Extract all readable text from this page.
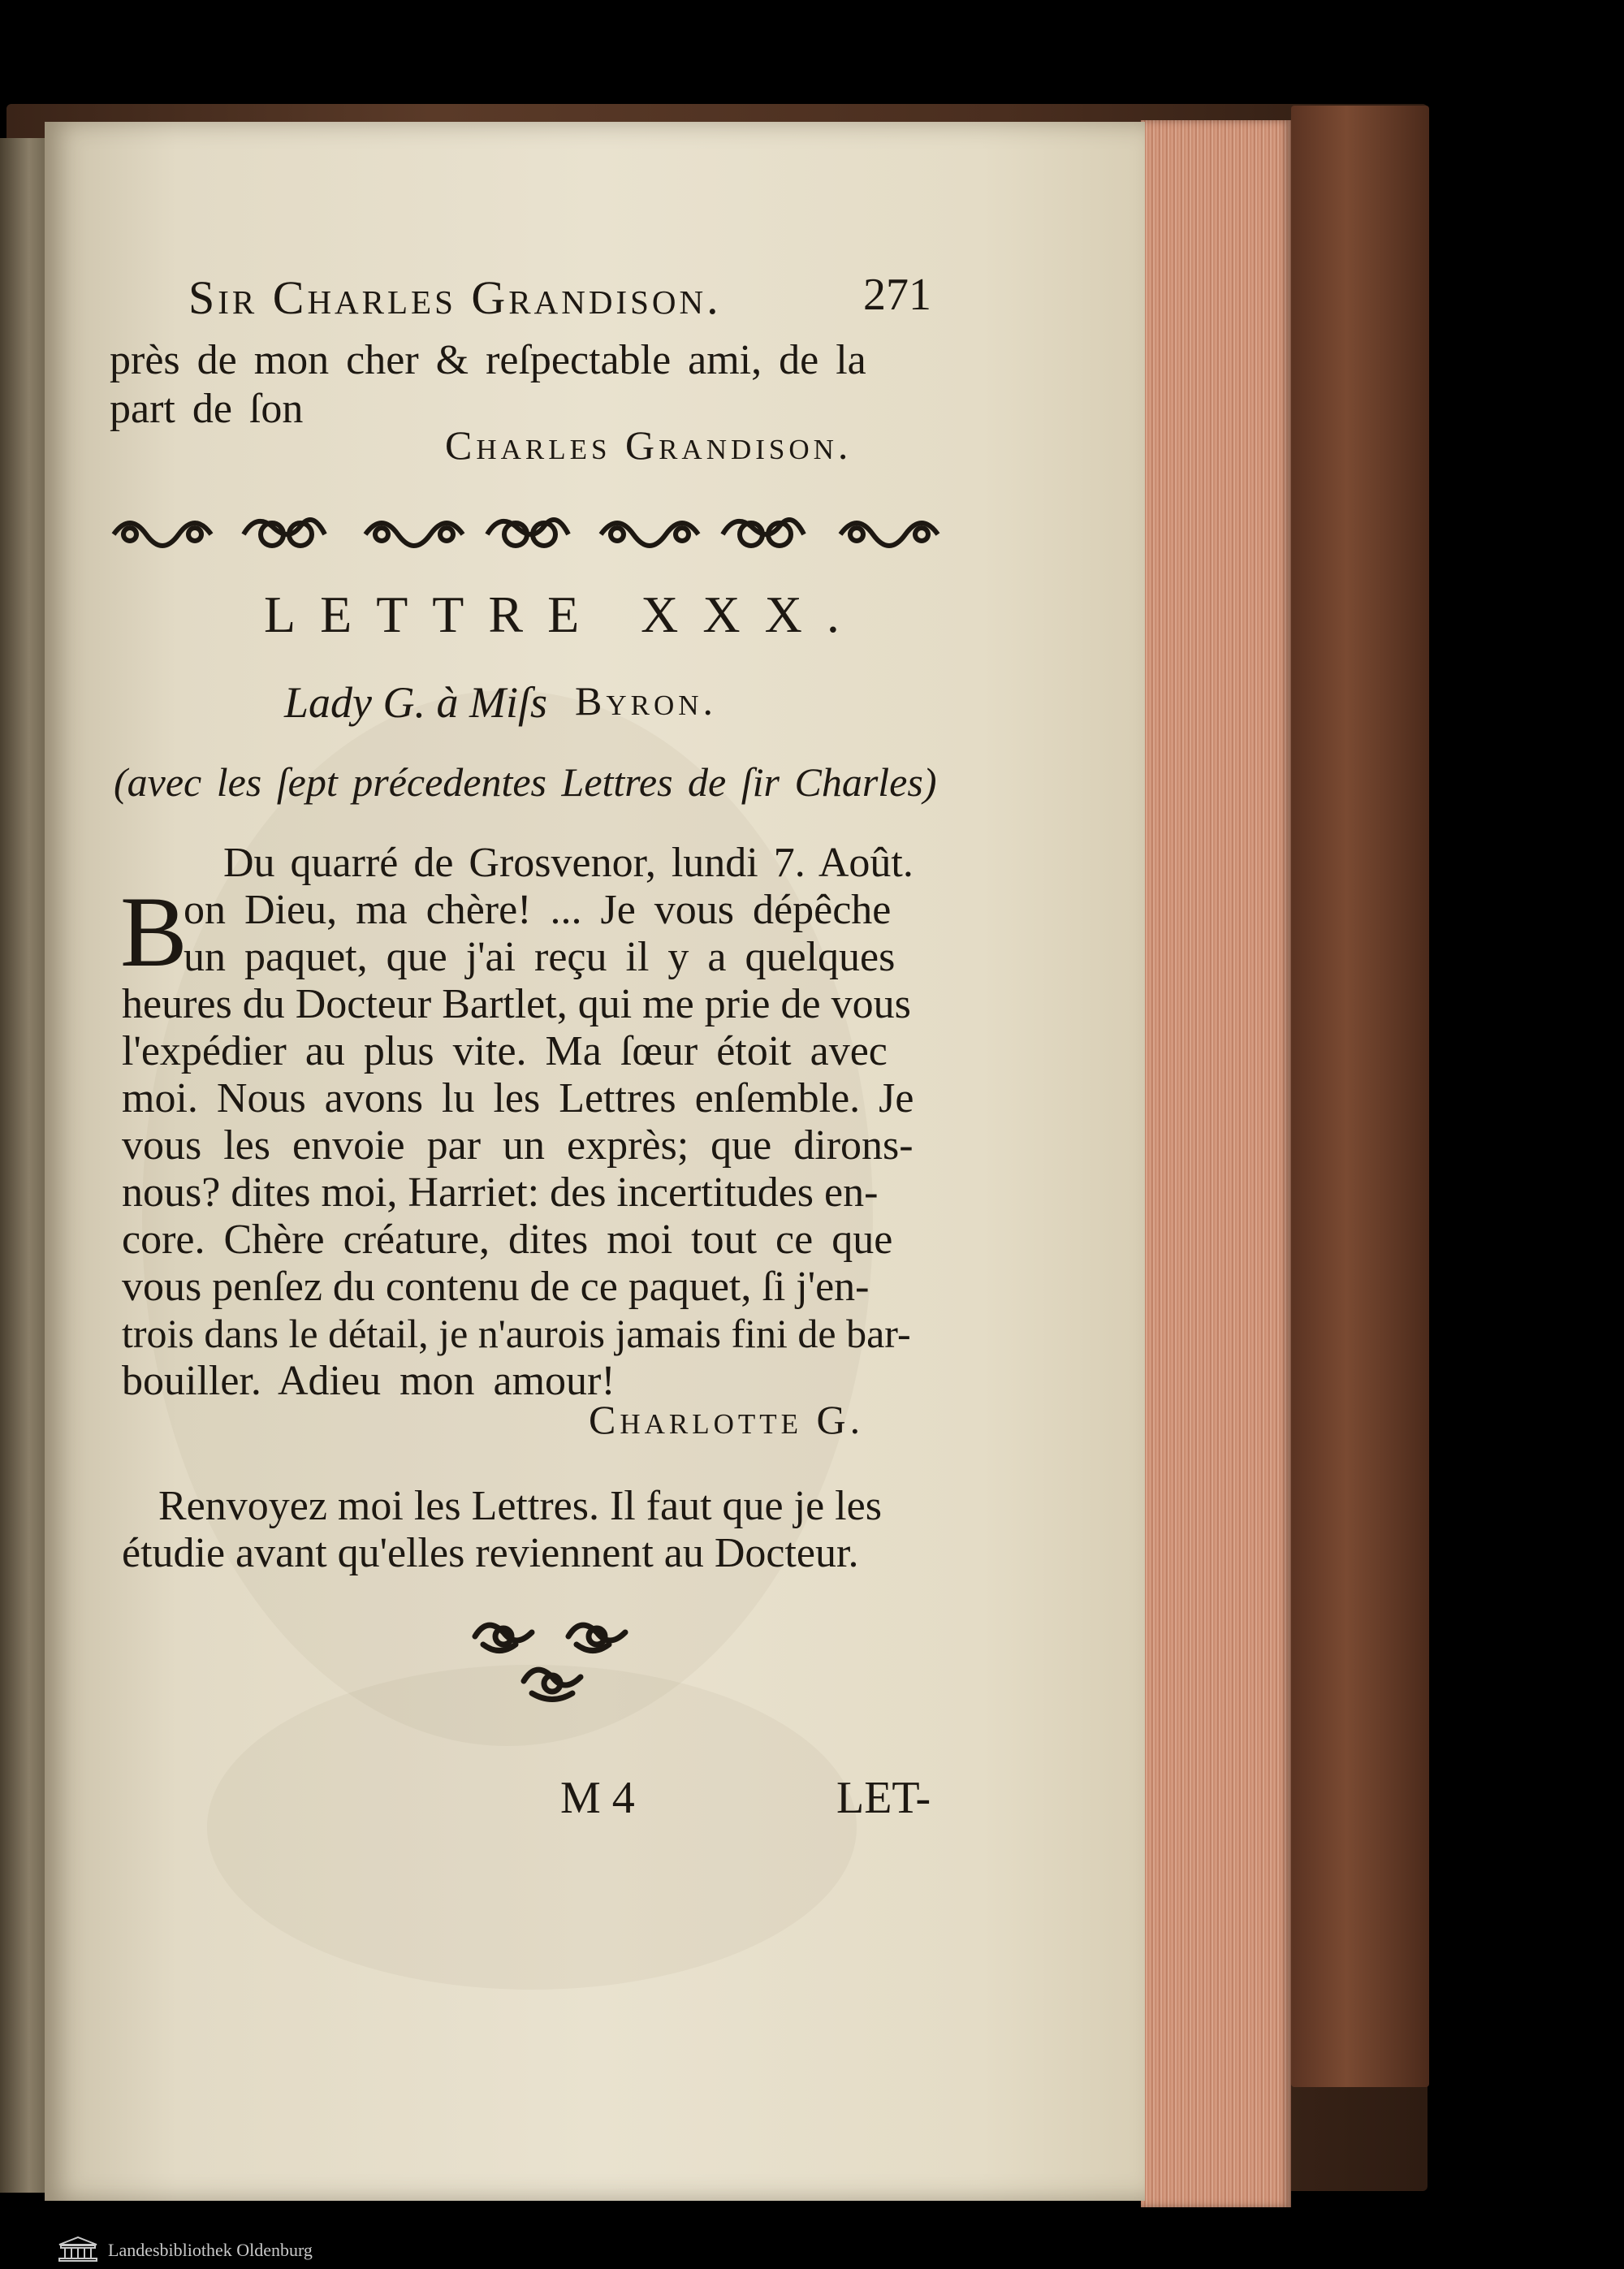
Sir Charles Grandison.	271
près de mon cher & reſpectable ami, de la
part de ſon
Charles Grandison.
LETTRE XXX.
Lady G. à Miſs Byron.
(avec les ſept précedentes Lettres de ſir Charles)
Du quarré de Grosvenor, lundi 7. Août.
B
on Dieu, ma chère! ... Je vous dépêche
un paquet, que j'ai reçu il y a quelques
heures du Docteur Bartlet, qui me prie de vous
l'expédier au plus vite. Ma ſœur étoit avec
moi. Nous avons lu les Lettres enſemble. Je
vous les envoie par un exprès; que dirons-
nous? dites moi, Harriet: des incertitudes en-
core. Chère créature, dites moi tout ce que
vous penſez du contenu de ce paquet, ſi j'en-
trois dans le détail, je n'aurois jamais fini de bar-
bouiller. Adieu mon amour!
Charlotte G.
Renvoyez moi les Lettres. Il faut que je les
étudie avant qu'elles reviennent au Docteur.
M 4	LET-
Landesbibliothek Oldenburg
